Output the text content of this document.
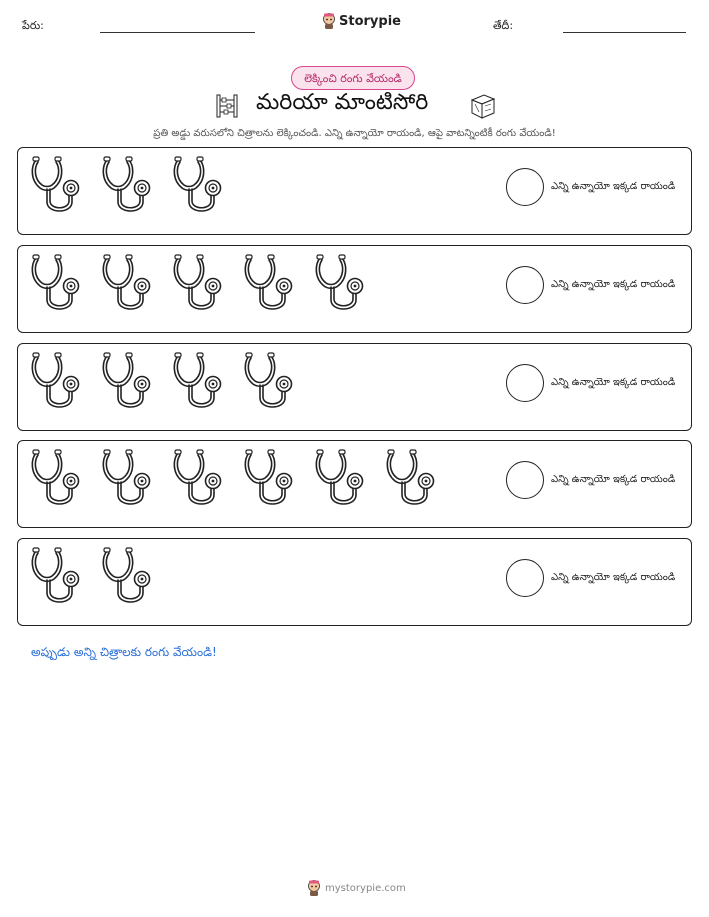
పేరు:	Storypie	తేదీ:
లెక్కించి రంగు వేయండి
మరియా మాంటిసోరి
ప్రతి అడ్డు వరుసలోని చిత్రాలను లెక్కించండి. ఎన్ని ఉన్నాయో రాయండి, ఆపై వాటన్నింటికీ రంగు వేయండి!
ఎన్ని ఉన్నాయో ఇక్కడ రాయండి
ఎన్ని ఉన్నాయో ఇక్కడ రాయండి
ఎన్ని ఉన్నాయో ఇక్కడ రాయండి
ఎన్ని ఉన్నాయో ఇక్కడ రాయండి
ఎన్ని ఉన్నాయో ఇక్కడ రాయండి
అప్పుడు అన్ని చిత్రాలకు రంగు వేయండి!
mystorypie.com
